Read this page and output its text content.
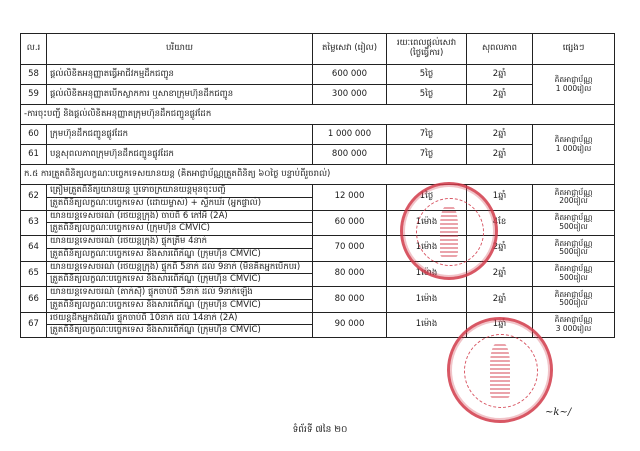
ល.រ	បរិយាយ	តម្លៃសេវា (រៀល)	រយៈពេលផ្តល់សេវា (ថ្ងៃធ្វើការ)	សុពលភាព	ផ្សេងៗ
58	ផ្តល់លិខិតអនុញ្ញាតធ្វើអាជីវកម្មដឹកជញ្ជូន	600 000	5ថ្ងៃ	2ឆ្នាំ	គិតអាជ្ញាប័ណ្ណ
1 000រៀល
59	ផ្តល់លិខិតអនុញ្ញាតបើកស្លាកការ ឬសាខាក្រុមហ៊ុនដឹកជញ្ជូន	300 000	5ថ្ងៃ	2ឆ្នាំ	
-ការចុះបញ្ជី និងផ្តល់លិខិតអនុញ្ញាតក្រុមហ៊ុនដឹកជញ្ជូនផ្លូវដែក					
60	ក្រុមហ៊ុនដឹកជញ្ជូនផ្លូវដែក	1 000 000	7ថ្ងៃ	2ឆ្នាំ	គិតអាជ្ញាប័ណ្ណ
1 000រៀល
61	បន្តសុពលភាពក្រុមហ៊ុនដឹកជញ្ជូនផ្លូវដែក	800 000	7ថ្ងៃ	2ឆ្នាំ	
ក.៥ ការត្រួតពិនិត្យលក្ខណៈបច្ចេកទេសយានយន្ត (គិតអាជ្ញាប័ណ្ណត្រួតពិនិត្យ ៦០ថ្ងៃ បន្ទាប់ពីរួចរាល់)					
62	ត្រៀមត្រួតពិនិត្យយានយន្ត ឬទោចក្រយានយន្តមុនចុះបញ្ជី
ត្រួតពិនិត្យលក្ខណៈបច្ចេកទេស (ដោយម្ចាស់) + ស្ទីកឃ័រ (អ្នកផ្ទាល់)	12 000	1ថ្ងៃ	1ឆ្នាំ	គិតអាជ្ញាប័ណ្ណ
200រៀល
63	យានយន្តទេសចរណ៍ (រថយន្តក្រុង) ចាប់ពី 6 កៅអី (2A)
ត្រួតពិនិត្យលក្ខណៈបច្ចេកទេស (ក្រុមហ៊ុន CMVIC)	60 000	1ម៉ោង	4ខែ	គិតអាជ្ញាប័ណ្ណ
500រៀល
64	យានយន្តទេសចរណ៍ (រថយន្តក្រុង) ផ្ទុកត្រឹម 4នាក់
ត្រួតពិនិត្យលក្ខណៈបច្ចេកទេស និងសារពើភ័ណ្ឌ (ក្រុមហ៊ុន CMVIC)	70 000	1ម៉ោង	2ឆ្នាំ	គិតអាជ្ញាប័ណ្ណ
500រៀល
65	យានយន្តទេសចរណ៍ (រថយន្តក្រុង) ផ្ទុកពី 5នាក់ ដល់ 9នាក់ (មិនគិតអ្នកបើកបរ)
ត្រួតពិនិត្យលក្ខណៈបច្ចេកទេស និងសារពើភ័ណ្ឌ (ក្រុមហ៊ុន CMVIC)	80 000	1ម៉ោង	2ឆ្នាំ	គិតអាជ្ញាប័ណ្ណ
500រៀល
66	យានយន្តទេសចរណ៍ (តាក់ស៊ី) ផ្ទុកចាប់ពី 5នាក់ ដល់ 9នាក់ឡើង
ត្រួតពិនិត្យលក្ខណៈបច្ចេកទេស និងសារពើភ័ណ្ឌ (ក្រុមហ៊ុន CMVIC)	80 000	1ម៉ោង	2ឆ្នាំ	គិតអាជ្ញាប័ណ្ណ
500រៀល
67	រថយន្តដឹកអ្នកដំណើរ ផ្ទុកចាប់ពី 10នាក់ ដល់ 14នាក់ (2A)
ត្រួតពិនិត្យលក្ខណៈបច្ចេកទេស និងសារពើភ័ណ្ឌ (ក្រុមហ៊ុន CMVIC)	90 000	1ម៉ោង	1ឆ្នាំ	គិតអាជ្ញាប័ណ្ណ
3 000រៀល
~k~/
ទំព័រទី ៧នៃ ២០
